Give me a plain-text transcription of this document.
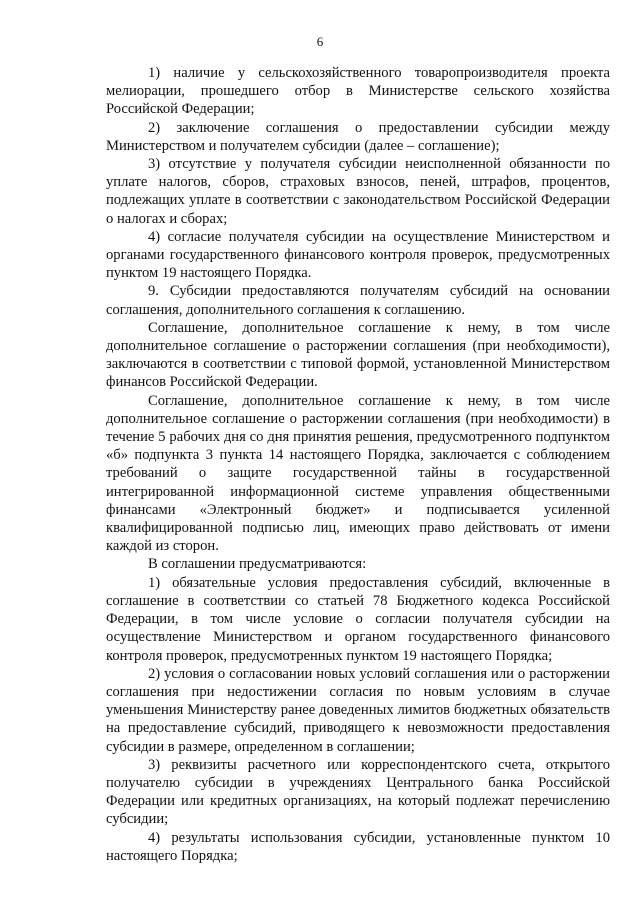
6

1) наличие у сельскохозяйственного товаропроизводителя проекта мелиорации, прошедшего отбор в Министерстве сельского хозяйства Российской Федерации;

2) заключение соглашения о предоставлении субсидии между Министерством и получателем субсидии (далее – соглашение);

3) отсутствие у получателя субсидии неисполненной обязанности по уплате налогов, сборов, страховых взносов, пеней, штрафов, процентов, подлежащих уплате в соответствии с законодательством Российской Федерации о налогах и сборах;

4) согласие получателя субсидии на осуществление Министерством и органами государственного финансового контроля проверок, предусмотренных пунктом 19 настоящего Порядка.

9. Субсидии предоставляются получателям субсидий на основании соглашения, дополнительного соглашения к соглашению.

Соглашение, дополнительное соглашение к нему, в том числе дополнительное соглашение о расторжении соглашения (при необходимости), заключаются в соответствии с типовой формой, установленной Министерством финансов Российской Федерации.

Соглашение, дополнительное соглашение к нему, в том числе дополнительное соглашение о расторжении соглашения (при необходимости) в течение 5 рабочих дня со дня принятия решения, предусмотренного подпунктом «б» подпункта 3 пункта 14 настоящего Порядка, заключается с соблюдением требований о защите государственной тайны в государственной интегрированной информационной системе управления общественными финансами «Электронный бюджет» и подписывается усиленной квалифицированной подписью лиц, имеющих право действовать от имени каждой из сторон.

В соглашении предусматриваются:

1) обязательные условия предоставления субсидий, включенные в соглашение в соответствии со статьей 78 Бюджетного кодекса Российской Федерации, в том числе условие о согласии получателя субсидии на осуществление Министерством и органом государственного финансового контроля проверок, предусмотренных пунктом 19 настоящего Порядка;

2) условия о согласовании новых условий соглашения или о расторжении соглашения при недостижении согласия по новым условиям в случае уменьшения Министерству ранее доведенных лимитов бюджетных обязательств на предоставление субсидий, приводящего к невозможности предоставления субсидии в размере, определенном в соглашении;

3) реквизиты расчетного или корреспондентского счета, открытого получателю субсидии в учреждениях Центрального банка Российской Федерации или кредитных организациях, на который подлежат перечислению субсидии;

4) результаты использования субсидии, установленные пунктом 10 настоящего Порядка;
